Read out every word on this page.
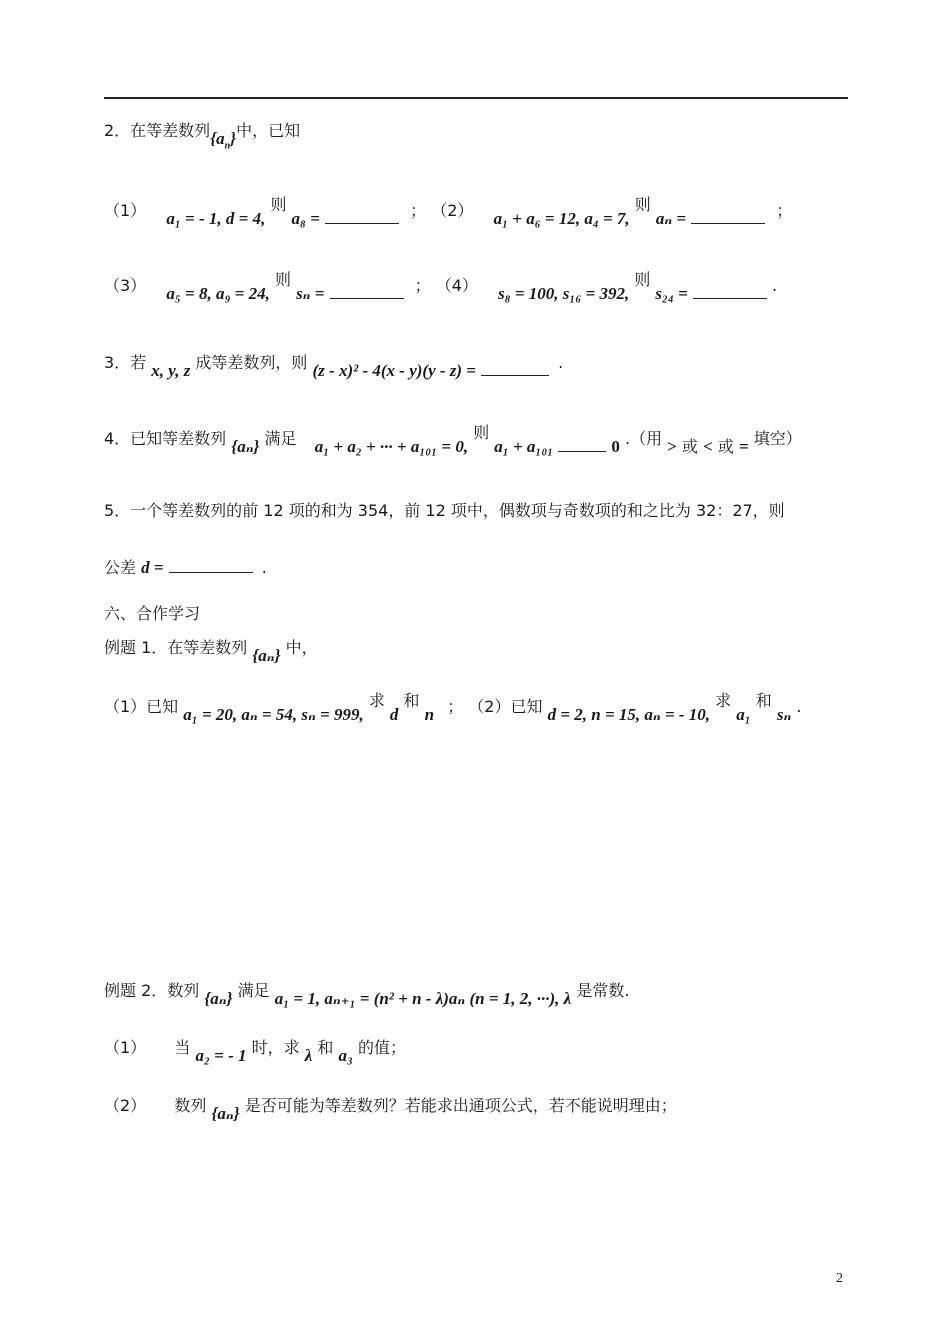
2．在等差数列$\{a_n\}$中，已知
（1） a₁ = - 1, d = 4, 则 a₈ =	； （2） a₁ + a₆ = 12, a₄ = 7, 则 aₙ =	；
（3） a₅ = 8, a₉ = 24, 则 sₙ =	； （4） s₈ = 100, s₁₆ = 392, 则 s₂₄ =	.
3．若 x, y, z 成等差数列，则 (z - x)² - 4(x - y)(y - z) =	.
4．已知等差数列 {aₙ} 满足 a₁ + a₂ + ··· + a₁₀₁ = 0, 则 a₁ + a₁₀₁	0 .（用 > 或 < 或 = 填空）
5．一个等差数列的前 12 项的和为 354，前 12 项中，偶数项与奇数项的和之比为 32：27，则
公差 d =	.
六、合作学习
例题 1．在等差数列 {aₙ} 中，
（1）已知 a₁ = 20, aₙ = 54, sₙ = 999, 求 d 和 n ； （2）已知 d = 2, n = 15, aₙ = - 10, 求 a₁ 和 sₙ .
例题 2．数列 {aₙ} 满足 a₁ = 1, aₙ₊₁ = (n² + n - λ)aₙ (n = 1, 2, ···), λ 是常数.
（1） 当 a₂ = - 1 时，求 λ 和 a₃ 的值；
（2） 数列 {aₙ} 是否可能为等差数列？若能求出通项公式，若不能说明理由；
2
